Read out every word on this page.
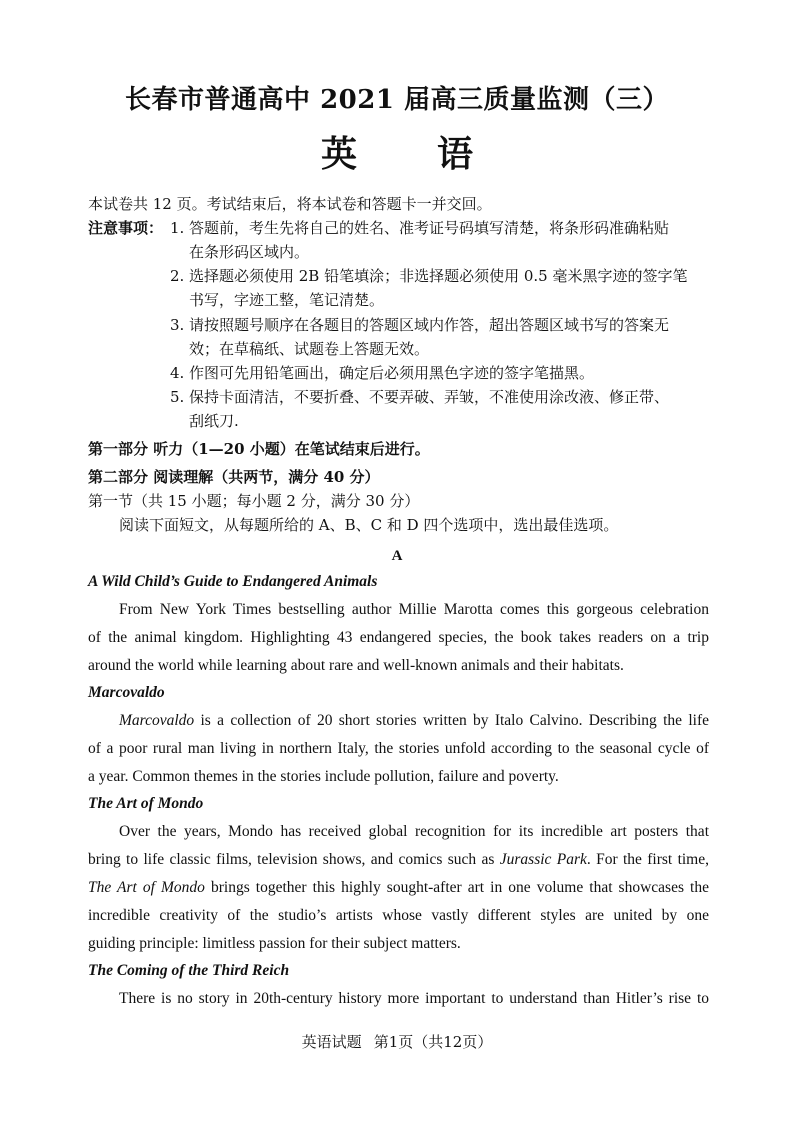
长春市普通高中 2021 届高三质量监测（三）
英 语
本试卷共 12 页。考试结束后，将本试卷和答题卡一并交回。
注意事项： 1. 答题前，考生先将自己的姓名、准考证号码填写清楚，将条形码准确粘贴
在条形码区域内。
2. 选择题必须使用 2B 铅笔填涂；非选择题必须使用 0.5 毫米黑字迹的签字笔
书写，字迹工整，笔记清楚。
3. 请按照题号顺序在各题目的答题区域内作答，超出答题区域书写的答案无
效；在草稿纸、试题卷上答题无效。
4. 作图可先用铅笔画出，确定后必须用黑色字迹的签字笔描黑。
5. 保持卡面清洁，不要折叠、不要弄破、弄皱，不准使用涂改液、修正带、
刮纸刀.
第一部分 听力（1—20 小题）在笔试结束后进行。
第二部分 阅读理解（共两节，满分 40 分）
第一节（共 15 小题；每小题 2 分，满分 30 分）
阅读下面短文，从每题所给的 A、B、C 和 D 四个选项中，选出最佳选项。
A
A Wild Child’s Guide to Endangered Animals
From New York Times bestselling author Millie Marotta comes this gorgeous celebration
of the animal kingdom. Highlighting 43 endangered species, the book takes readers on a trip
around the world while learning about rare and well-known animals and their habitats.
Marcovaldo
Marcovaldo is a collection of 20 short stories written by Italo Calvino. Describing the life
of a poor rural man living in northern Italy, the stories unfold according to the seasonal cycle of
a year. Common themes in the stories include pollution, failure and poverty.
The Art of Mondo
Over the years, Mondo has received global recognition for its incredible art posters that
bring to life classic films, television shows, and comics such as Jurassic Park. For the first time,
The Art of Mondo brings together this highly sought-after art in one volume that showcases the
incredible creativity of the studio’s artists whose vastly different styles are united by one
guiding principle: limitless passion for their subject matters.
The Coming of the Third Reich
There is no story in 20th-century history more important to understand than Hitler’s rise to
英语试题 第1页（共12页）
